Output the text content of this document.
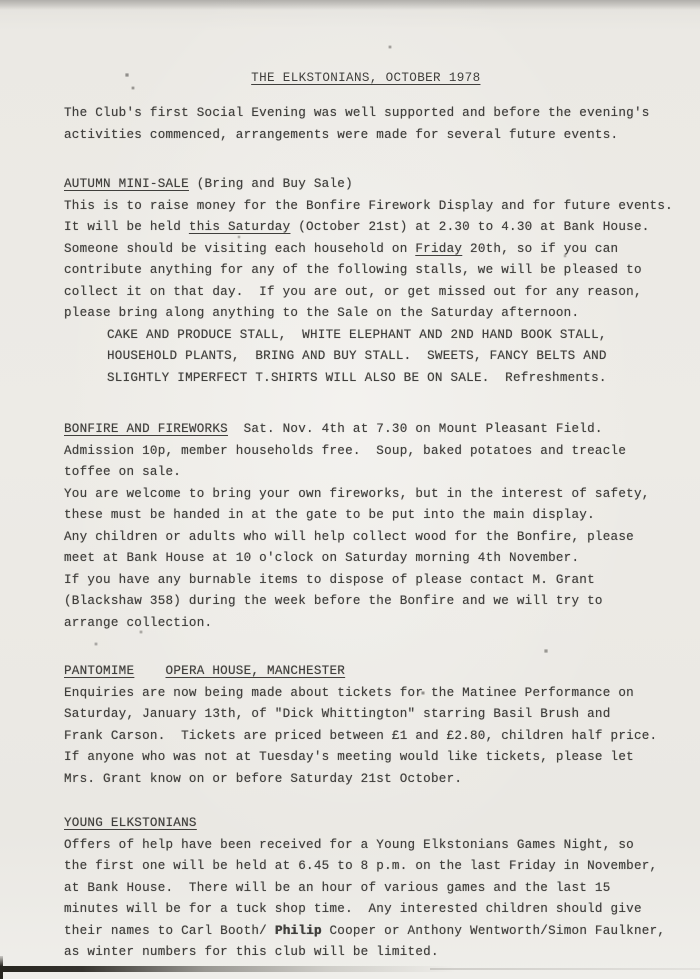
THE ELKSTONIANS, OCTOBER 1978

The Club's first Social Evening was well supported and before the evening's
activities commenced, arrangements were made for several future events.
AUTUMN MINI-SALE (Bring and Buy Sale)
This is to raise money for the Bonfire Firework Display and for future events.
It will be held this Saturday (October 21st) at 2.30 to 4.30 at Bank House.
Someone should be visiting each household on Friday 20th, so if you can
contribute anything for any of the following stalls, we will be pleased to
collect it on that day.  If you are out, or get missed out for any reason,
please bring along anything to the Sale on the Saturday afternoon.
CAKE AND PRODUCE STALL,  WHITE ELEPHANT AND 2ND HAND BOOK STALL,
HOUSEHOLD PLANTS,  BRING AND BUY STALL.  SWEETS, FANCY BELTS AND
SLIGHTLY IMPERFECT T.SHIRTS WILL ALSO BE ON SALE.  Refreshments.
BONFIRE AND FIREWORKS  Sat. Nov. 4th at 7.30 on Mount Pleasant Field.
Admission 10p, member households free.  Soup, baked potatoes and treacle
toffee on sale.
You are welcome to bring your own fireworks, but in the interest of safety,
these must be handed in at the gate to be put into the main display.
Any children or adults who will help collect wood for the Bonfire, please
meet at Bank House at 10 o'clock on Saturday morning 4th November.
If you have any burnable items to dispose of please contact M. Grant
(Blackshaw 358) during the week before the Bonfire and we will try to
arrange collection.
PANTOMIME OPERA HOUSE, MANCHESTER
Enquiries are now being made about tickets for the Matinee Performance on
Saturday, January 13th, of "Dick Whittington" starring Basil Brush and
Frank Carson.  Tickets are priced between £1 and £2.80, children half price.
If anyone who was not at Tuesday's meeting would like tickets, please let
Mrs. Grant know on or before Saturday 21st October.
YOUNG ELKSTONIANS
Offers of help have been received for a Young Elkstonians Games Night, so
the first one will be held at 6.45 to 8 p.m. on the last Friday in November,
at Bank House.  There will be an hour of various games and the last 15
minutes will be for a tuck shop time.  Any interested children should give
their names to Carl Booth/ Philip Cooper or Anthony Wentworth/Simon Faulkner,
as winter numbers for this club will be limited.
